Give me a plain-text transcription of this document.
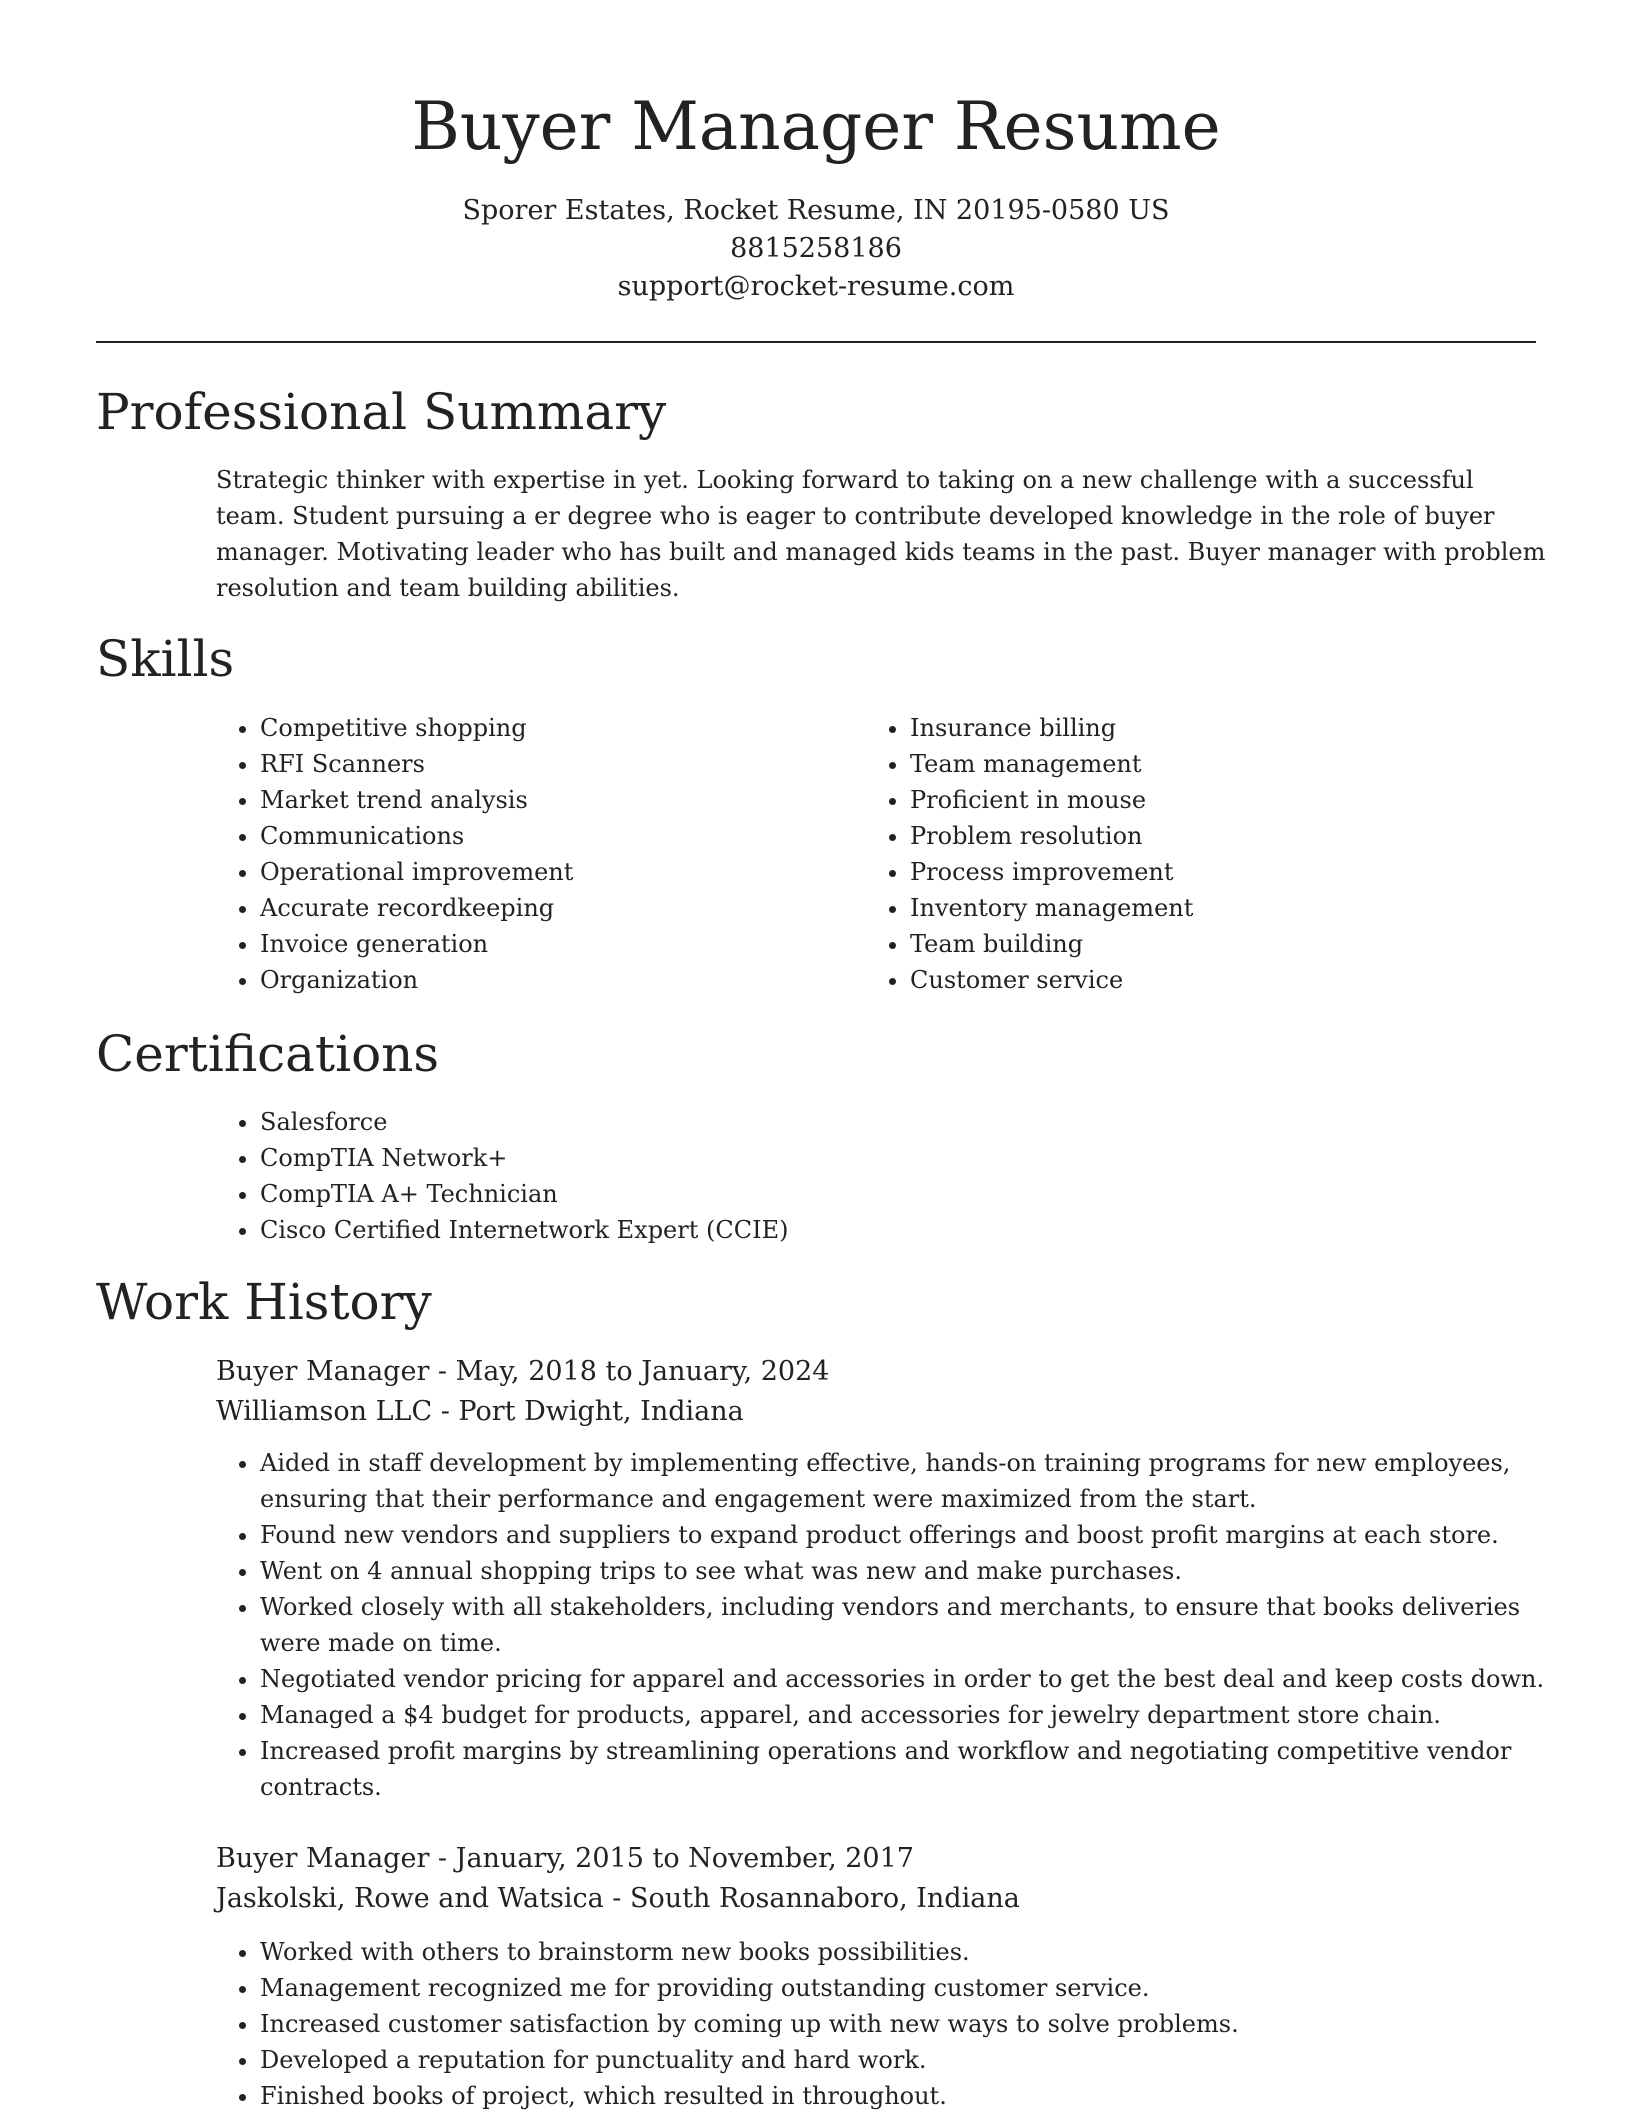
Buyer Manager Resume
Sporer Estates, Rocket Resume, IN 20195-0580 US
8815258186
support@rocket-resume.com
Professional Summary

Strategic thinker with expertise in yet. Looking forward to taking on a new challenge with a successful team. Student pursuing a er degree who is eager to contribute developed knowledge in the role of buyer manager. Motivating leader who has built and managed kids teams in the past. Buyer manager with problem resolution and team building abilities.

Skills
• Competitive shopping
• RFI Scanners
• Market trend analysis
• Communications
• Operational improvement
• Accurate recordkeeping
• Invoice generation
• Organization
• Insurance billing
• Team management
• Proficient in mouse
• Problem resolution
• Process improvement
• Inventory management
• Team building
• Customer service
Certifications
• Salesforce
• CompTIA Network+
• CompTIA A+ Technician
• Cisco Certified Internetwork Expert (CCIE)
Work History
Buyer Manager - May, 2018 to January, 2024
Williamson LLC - Port Dwight, Indiana
• Aided in staff development by implementing effective, hands-on training programs for new employees, ensuring that their performance and engagement were maximized from the start.
• Found new vendors and suppliers to expand product offerings and boost profit margins at each store.
• Went on 4 annual shopping trips to see what was new and make purchases.
• Worked closely with all stakeholders, including vendors and merchants, to ensure that books deliveries were made on time.
• Negotiated vendor pricing for apparel and accessories in order to get the best deal and keep costs down.
• Managed a $4 budget for products, apparel, and accessories for jewelry department store chain.
• Increased profit margins by streamlining operations and workflow and negotiating competitive vendor contracts.
Buyer Manager - January, 2015 to November, 2017
Jaskolski, Rowe and Watsica - South Rosannaboro, Indiana
• Worked with others to brainstorm new books possibilities.
• Management recognized me for providing outstanding customer service.
• Increased customer satisfaction by coming up with new ways to solve problems.
• Developed a reputation for punctuality and hard work.
• Finished books of project, which resulted in throughout.
